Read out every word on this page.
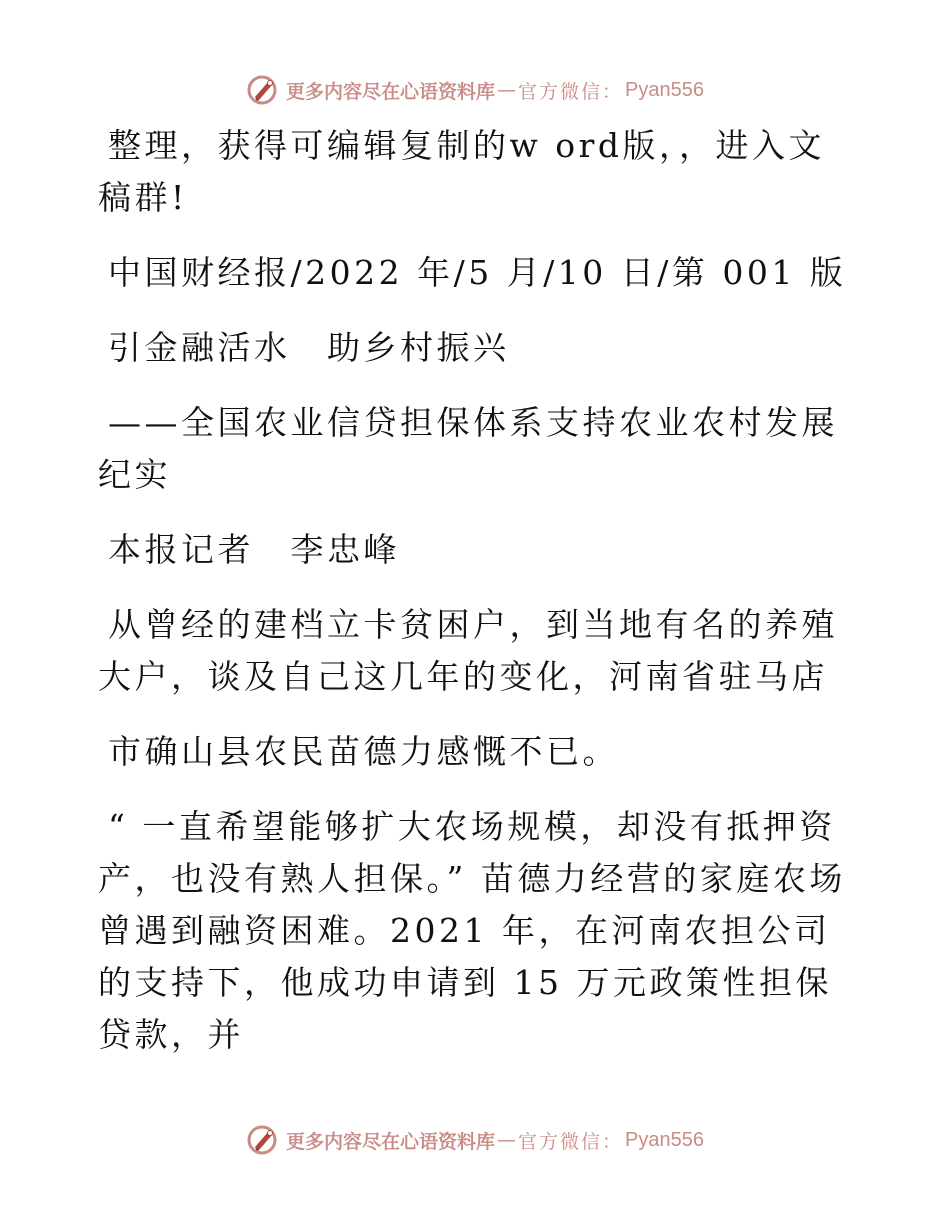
更多内容尽在心语资料库 — 官方微信： Pyan556

整理，获得可编辑复制的w ord版，，进入文稿群!

中国财经报/2022 年/5 月/10 日/第 001 版

引金融活水　助乡村振兴

——全国农业信贷担保体系支持农业农村发展纪实

本报记者　李忠峰

从曾经的建档立卡贫困户，到当地有名的养殖大户，谈及自己这几年的变化，河南省驻马店

市确山县农民苗德力感慨不已。

“ 一直希望能够扩大农场规模，却没有抵押资产，也没有熟人担保。” 苗德力经营的家庭农场曾遇到融资困难。2021 年，在河南农担公司的支持下，他成功申请到 15 万元政策性担保贷款，并

更多内容尽在心语资料库 — 官方微信： Pyan556
